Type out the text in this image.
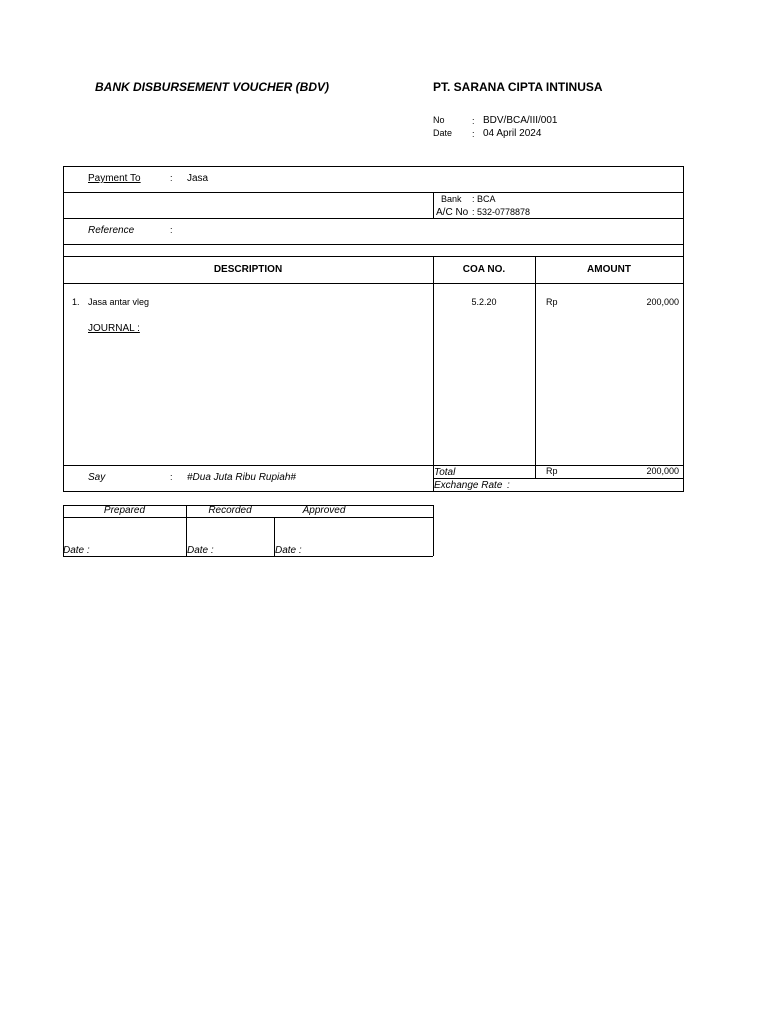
BANK DISBURSEMENT VOUCHER (BDV)	PT. SARANA CIPTA INTINUSA
No	: BDV/BCA/III/001
Date : 04 April 2024
Payment To	: Jasa
Bank : BCA
A/C No : 532-0778878
Reference	:
DESCRIPTION	COA NO.	AMOUNT
1. Jasa antar vleg	5.2.20	Rp	200,000
JOURNAL :
Say	: #Dua Juta Ribu Rupiah#	Total	Rp	200,000
Exchange Rate :
Prepared	Recorded	Approved
Date :	Date :	Date :
